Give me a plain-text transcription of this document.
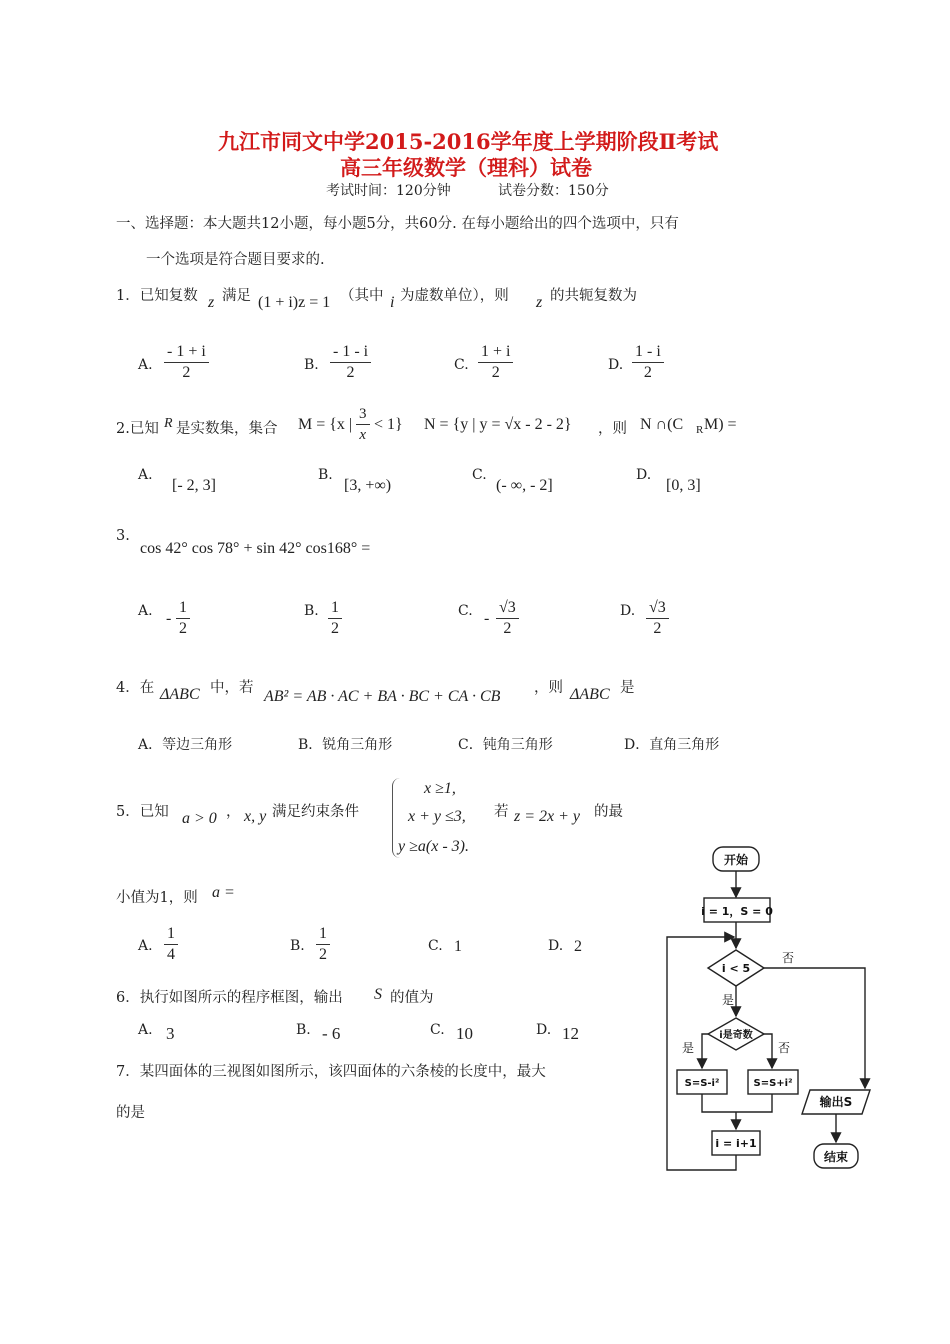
九江市同文中学2015-2016学年度上学期阶段Ⅱ考试
高三年级数学（理科）试卷
考试时间：120分钟	试卷分数：150分
一、选择题：本大题共12小题，每小题5分，共60分. 在每小题给出的四个选项中，只有
一个选项是符合题目要求的.
1．已知复数 z 满足 (1 + i)z = 1 （其中 i 为虚数单位），则 z 的共轭复数为
A. $\frac{- 1 + i}{2}$	B. $\frac{- 1 - i}{2}$	C. $\frac{1 + i}{2}$	D. $\frac{1 - i}{2}$
2.已知 R 是实数集，集合 M = {x | $\frac{3}{x} < 1$} N = {y | y = √x - 2 - 2} ，则 N ∩(C R M) =
A.
[- 2, 3]
B.
[3, +∞)
C.
(- ∞, - 2]
D.
[0, 3]
3.
cos 42° cos 78° + sin 42° cos168° =
A. - $\frac{1}{2}$	B. $\frac{1}{2}$	C. - $\frac{√3}{2}$	D. $\frac{√3}{2}$
4．在 ΔABC 中，若 AB² = AB · AC + BA · BC + CA · CB ，则 ΔABC 是
A．等边三角形	B．锐角三角形	C．钝角三角形	D．直角三角形
5．已知 a > 0 ， x, y 满足约束条件
x ≥1,
x + y ≤3,
y ≥a(x - 3).
若 z = 2x + y 的最
小值为1，则 a =
A. $\frac{1}{4}$	B. $\frac{1}{2}$	C. 1	D. 2
6．执行如图所示的程序框图，输出 S 的值为
A. 3	B. - 6	C. 10	D. 12
7．某四面体的三视图如图所示，该四面体的六条棱的长度中，最大
的是
开始
i = 1，S = 0
i < 5
否
是
i是奇数
是	否
S=S-i²	S=S+i²
i = i+1
输出S
结束
